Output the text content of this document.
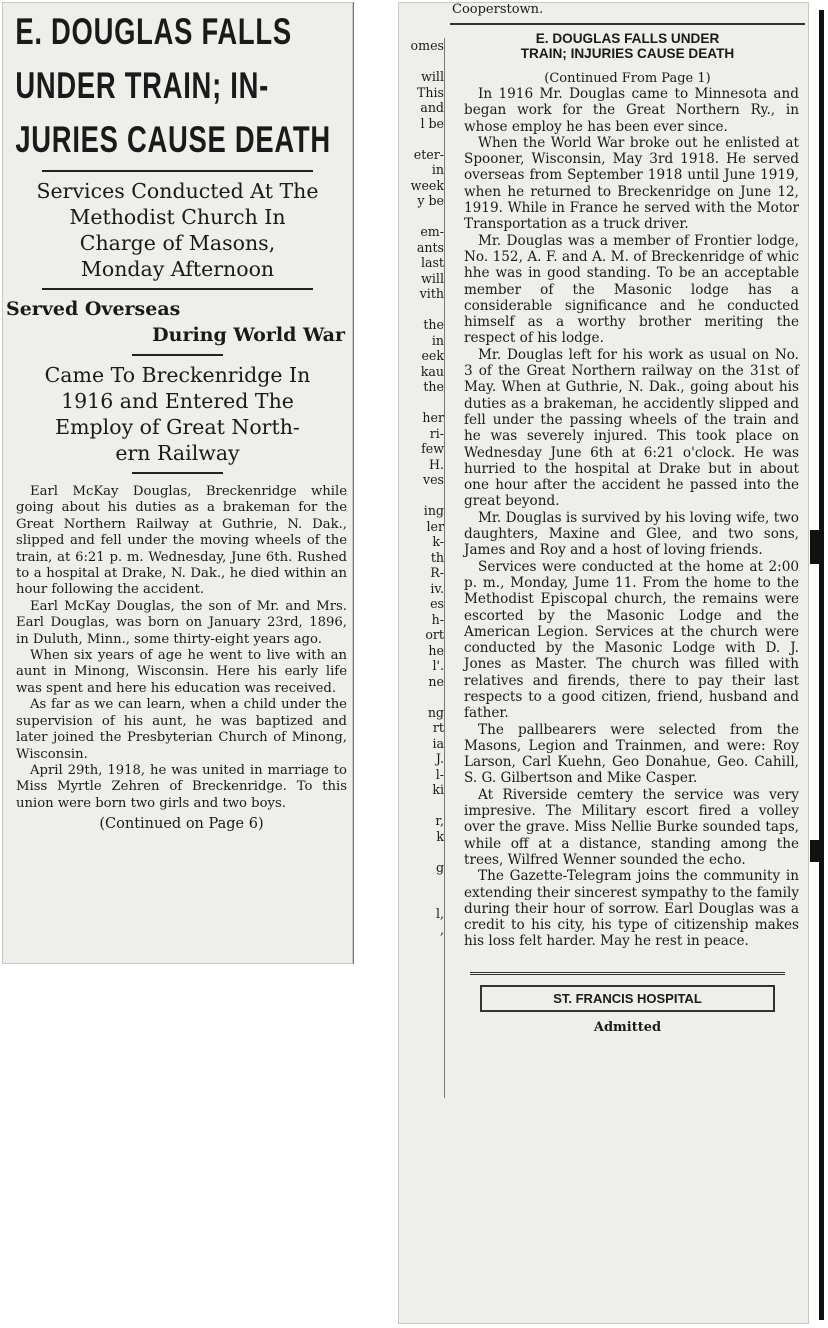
E. DOUGLAS FALLS
UNDER TRAIN; IN-
JURIES CAUSE DEATH
Services Conducted At The
Methodist Church In
Charge of Masons,
Monday Afternoon
Served Overseas
During World War
Came To Breckenridge In
1916 and Entered The
Employ of Great North-
ern Railway

Earl McKay Douglas, Breckenridge while going about his duties as a brakeman for the Great Northern Railway at Guthrie, N. Dak., slipped and fell under the moving wheels of the train, at 6:21 p. m. Wednesday, June 6th. Rushed to a hospital at Drake, N. Dak., he died within an hour following the accident.

Earl McKay Douglas, the son of Mr. and Mrs. Earl Douglas, was born on January 23rd, 1896, in Duluth, Minn., some thirty-eight years ago.

When six years of age he went to live with an aunt in Minong, Wisconsin. Here his early life was spent and here his education was received.

As far as we can learn, when a child under the supervision of his aunt, he was baptized and later joined the Presbyterian Church of Minong, Wisconsin.

April 29th, 1918, he was united in marriage to Miss Myrtle Zehren of Breckenridge. To this union were born two girls and two boys.

(Continued on Page 6)
omes
will
This
and
l be
eter-
in
week
y be
em-
ants
last
will
vith
the
in
eek
kau
the
her
ri-
few
H.
ves
ing
ler
k-
th
R-
iv.
es
h-
ort
he
l'.
ne
ng
rt
ia
J.
l-
ki
r,
k
g
l,
,
Cooperstown.
E. DOUGLAS FALLS UNDER
TRAIN; INJURIES CAUSE DEATH
(Continued From Page 1)

In 1916 Mr. Douglas came to Minnesota and began work for the Great Northern Ry., in whose employ he has been ever since.

When the World War broke out he enlisted at Spooner, Wisconsin, May 3rd 1918. He served overseas from September 1918 until June 1919, when he returned to Breckenridge on June 12, 1919. While in France he served with the Motor Transportation as a truck driver.

Mr. Douglas was a member of Frontier lodge, No. 152, A. F. and A. M. of Breckenridge of whic hhe was in good standing. To be an acceptable member of the Masonic lodge has a considerable significance and he conducted himself as a worthy brother meriting the respect of his lodge.

Mr. Douglas left for his work as usual on No. 3 of the Great Northern railway on the 31st of May. When at Guthrie, N. Dak., going about his duties as a brakeman, he accidently slipped and fell under the passing wheels of the train and he was severely injured. This took place on Wednesday June 6th at 6:21 o'clock. He was hurried to the hospital at Drake but in about one hour after the accident he passed into the great beyond.

Mr. Douglas is survived by his loving wife, two daughters, Maxine and Glee, and two sons, James and Roy and a host of loving friends.

Services were conducted at the home at 2:00 p. m., Monday, Jume 11. From the home to the Methodist Episcopal church, the remains were escorted by the Masonic Lodge and the American Legion. Services at the church were conducted by the Masonic Lodge with D. J. Jones as Master. The church was filled with relatives and firends, there to pay their last respects to a good citizen, friend, husband and father.

The pallbearers were selected from the Masons, Legion and Trainmen, and were: Roy Larson, Carl Kuehn, Geo Donahue, Geo. Cahill, S. G. Gilbertson and Mike Casper.

At Riverside cemtery the service was very impresive. The Military escort fired a volley over the grave. Miss Nellie Burke sounded taps, while off at a distance, standing among the trees, Wilfred Wenner sounded the echo.

The Gazette-Telegram joins the community in extending their sincerest sympathy to the family during their hour of sorrow. Earl Douglas was a credit to his city, his type of citizenship makes his loss felt harder. May he rest in peace.

ST. FRANCIS HOSPITAL
Admitted
